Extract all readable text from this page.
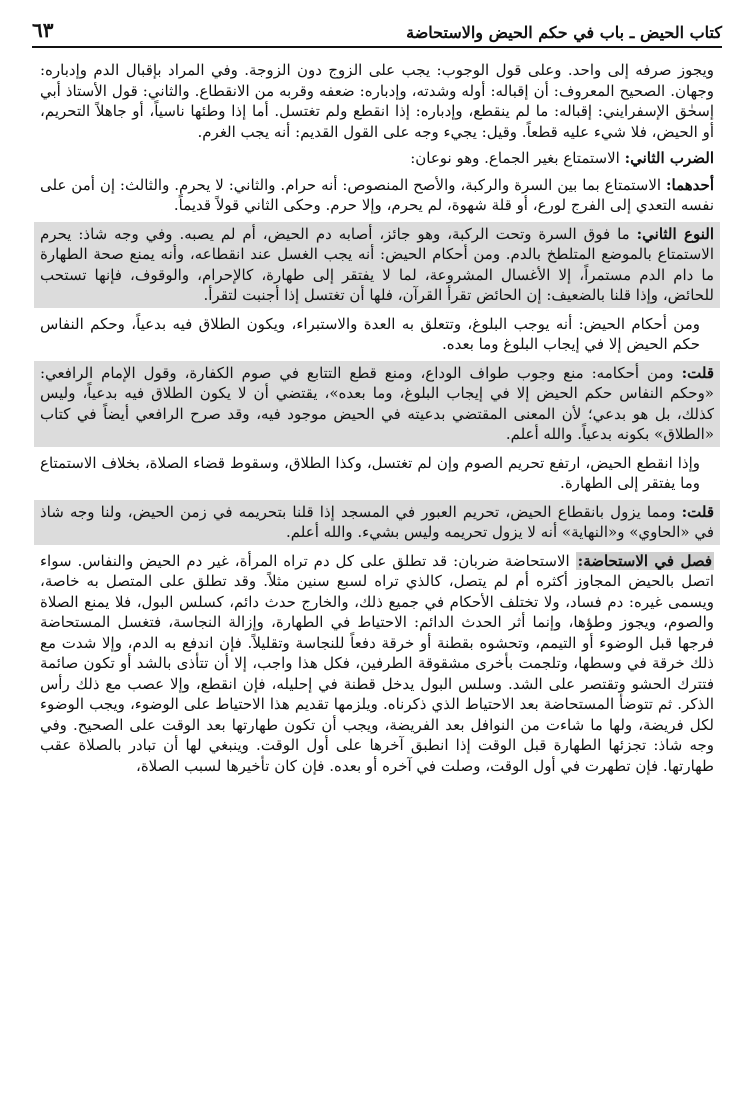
كتاب الحيض ـ باب في حكم الحيض والاستحاضة
٦٣

ويجوز صرفه إلى واحد. وعلى قول الوجوب: يجب على الزوج دون الزوجة. وفي المراد بإقبال الدم وإدباره: وجهان. الصحيح المعروف: أن إقباله: أوله وشدته، وإدباره: ضعفه وقربه من الانقطاع. والثاني: قول الأستاذ أبي إسحٰق الإسفرايني: إقباله: ما لم ينقطع، وإدباره: إذا انقطع ولم تغتسل. أما إذا وطئها ناسياً، أو جاهلاً التحريم، أو الحيض، فلا شيء عليه قطعاً. وقيل: يجيء وجه على القول القديم: أنه يجب الغرم.

الضرب الثاني: الاستمتاع بغير الجماع. وهو نوعان:

أحدهما: الاستمتاع بما بين السرة والركبة، والأصح المنصوص: أنه حرام. والثاني: لا يحرم. والثالث: إن أمن على نفسه التعدي إلى الفرج لورع، أو قلة شهوة، لم يحرم، وإلا حرم. وحكى الثاني قولاً قديماً.

النوع الثاني: ما فوق السرة وتحت الركبة، وهو جائز، أصابه دم الحيض، أم لم يصبه. وفي وجه شاذ: يحرم الاستمتاع بالموضع المتلطخ بالدم. ومن أحكام الحيض: أنه يجب الغسل عند انقطاعه، وأنه يمنع صحة الطهارة ما دام الدم مستمراً، إلا الأغسال المشروعة، لما لا يفتقر إلى طهارة، كالإحرام، والوقوف، فإنها تستحب للحائض، وإذا قلنا بالضعيف: إن الحائض تقرأ القرآن، فلها أن تغتسل إذا أجنبت لتقرأ.

ومن أحكام الحيض: أنه يوجب البلوغ، وتتعلق به العدة والاستبراء، ويكون الطلاق فيه بدعياً، وحكم النفاس حكم الحيض إلا في إيجاب البلوغ وما بعده.

قلت: ومن أحكامه: منع وجوب طواف الوداع، ومنع قطع التتابع في صوم الكفارة، وقول الإمام الرافعي: «وحكم النفاس حكم الحيض إلا في إيجاب البلوغ، وما بعده»، يقتضي أن لا يكون الطلاق فيه بدعياً، وليس كذلك، بل هو بدعي؛ لأن المعنى المقتضي بدعيته في الحيض موجود فيه، وقد صرح الرافعي أيضاً في كتاب «الطلاق» بكونه بدعياً. والله أعلم.

وإذا انقطع الحيض، ارتفع تحريم الصوم وإن لم تغتسل، وكذا الطلاق، وسقوط قضاء الصلاة، بخلاف الاستمتاع وما يفتقر إلى الطهارة.

قلت: ومما يزول بانقطاع الحيض، تحريم العبور في المسجد إذا قلنا بتحريمه في زمن الحيض، ولنا وجه شاذ في «الحاوي» و«النهاية» أنه لا يزول تحريمه وليس بشيء. والله أعلم.

فصل في الاستحاضة: الاستحاضة ضربان: قد تطلق على كل دم تراه المرأة، غير دم الحيض والنفاس. سواء اتصل بالحيض المجاوز أكثره أم لم يتصل، كالذي تراه لسبع سنين مثلاً. وقد تطلق على المتصل به خاصة، ويسمى غيره: دم فساد، ولا تختلف الأحكام في جميع ذلك، والخارج حدث دائم، كسلس البول، فلا يمنع الصلاة والصوم، ويجوز وطؤها، وإنما أثر الحدث الدائم: الاحتياط في الطهارة، وإزالة النجاسة، فتغسل المستحاضة فرجها قبل الوضوء أو التيمم، وتحشوه بقطنة أو خرقة دفعاً للنجاسة وتقليلاً. فإن اندفع به الدم، وإلا شدت مع ذلك خرقة في وسطها، وتلجمت بأخرى مشقوقة الطرفين، فكل هذا واجب، إلا أن تتأذى بالشد أو تكون صائمة فتترك الحشو وتقتصر على الشد. وسلس البول يدخل قطنة في إحليله، فإن انقطع، وإلا عصب مع ذلك رأس الذكر. ثم تتوضأ المستحاضة بعد الاحتياط الذي ذكرناه. ويلزمها تقديم هذا الاحتياط على الوضوء، ويجب الوضوء لكل فريضة، ولها ما شاءت من النوافل بعد الفريضة، ويجب أن تكون طهارتها بعد الوقت على الصحيح. وفي وجه شاذ: تجزئها الطهارة قبل الوقت إذا انطبق آخرها على أول الوقت. وينبغي لها أن تبادر بالصلاة عقب طهارتها. فإن تطهرت في أول الوقت، وصلت في آخره أو بعده. فإن كان تأخيرها لسبب الصلاة،
